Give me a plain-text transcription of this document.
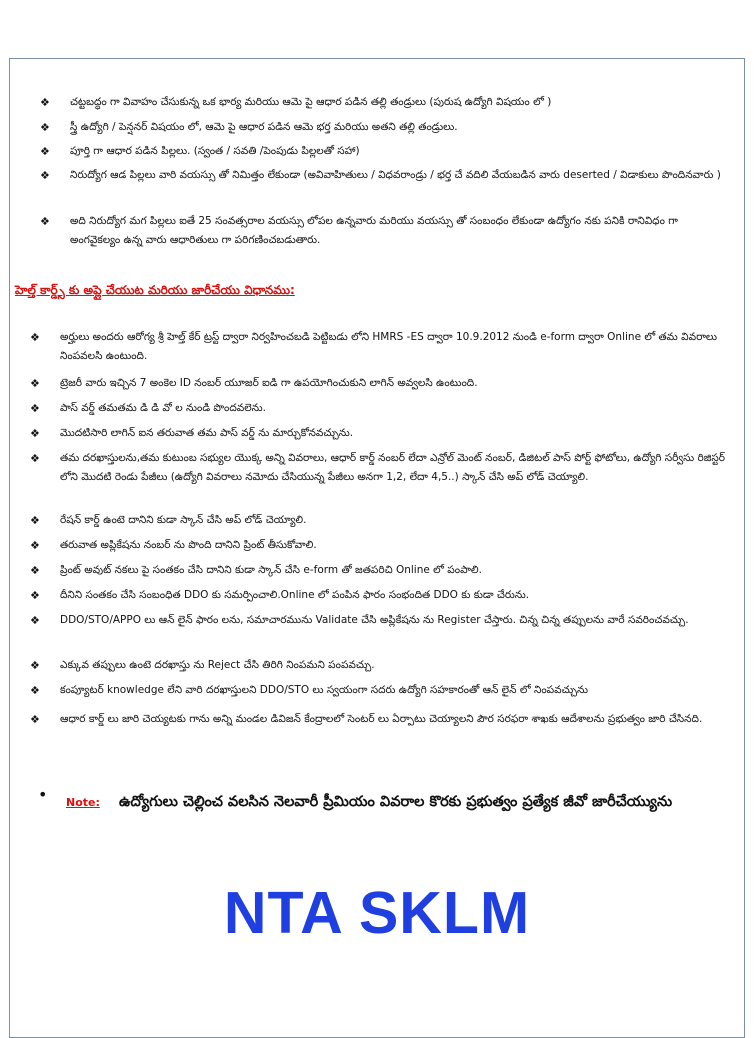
❖ చట్టబద్ధం గా వివాహం చేసుకున్న ఒక భార్య మరియు ఆమె పై ఆధార పడిన తల్లి తండ్రులు (పురుష ఉద్యోగి విషయం లో )
❖ స్త్రీ ఉద్యోగి / పెన్షనర్ విషయం లో, ఆమె పై ఆధార పడిన ఆమె భర్త మరియు అతని తల్లి తండ్రులు.
❖ పూర్తి గా ఆధార పడిన పిల్లలు. (స్వంత / సవతి /పెంపుడు పిల్లలతో సహా)
❖ నిరుద్యోగ ఆడ పిల్లలు వారి వయస్సు తో నిమిత్తం లేకుండా (అవివాహితులు / విధవరాండ్రు / భర్త చే వదిలి వేయబడిన వారు deserted / విడాకులు పొందినవారు )
❖ అది నిరుద్యోగ మగ పిల్లలు ఐతే 25 సంవత్సరాల వయస్సు లోపల ఉన్నవారు మరియు వయస్సు తో సంబంధం లేకుండా ఉద్యోగం నకు పనికి రానివిధం గా అంగవైకల్యం ఉన్న వారు ఆధారితులు గా పరిగణించబడుతారు.
హెల్త్ కార్డ్స్ కు అప్లై చేయుట మరియు జారీచేయు విధానము:
❖ అర్హులు అందరు ఆరోగ్య శ్రీ హెల్త్ కేర్ ట్రస్ట్ ద్వారా నిర్వహించబడి పెట్టిబడు లోని HMRS -ES ద్వారా 10.9.2012 నుండి e-form ద్వారా Online లో తమ వివరాలు నింపవలసి ఉంటుంది.
❖ ట్రెజరీ వారు ఇచ్చిన 7 అంకెల ID నంబర్ యూజర్ ఐడి గా ఉపయోగించుకుని లాగిన్ అవ్వలసి ఉంటుంది.
❖ పాస్ వర్డ్ తమతమ డి డి వో ల నుండి పొందవలెను.
❖ మొదటిసారి లాగిన్ ఐన తరువాత తమ పాస్ వర్డ్ ను మార్చుకోనవచ్చును.
❖ తమ దరఖాస్తులను,తమ కుటుంబ సభ్యుల యొక్క అన్ని వివరాలు, ఆధార్ కార్డ్ నంబర్ లేదా ఎన్రోల్ మెంట్ నంబర్, డిజిటల్ పాస్ పోర్ట్ ఫోటోలు, ఉద్యోగి సర్వీసు రిజిస్టర్ లోని మొదటి రెండు పేజీలు (ఉద్యోగి వివరాలు నమోదు చేసియున్న పేజీలు అనగా 1,2, లేదా 4,5..) స్కాన్ చేసి అప్ లోడ్ చెయ్యాలి.
❖ రేషన్ కార్డ్ ఉంటె దానిని కుడా స్కాన్ చేసి అప్ లోడ్ చెయ్యాలి.
❖ తరువాత అప్లికేషను నంబర్ ను పొంది దానిని ప్రింట్ తీసుకోవాలి.
❖ ప్రింట్ అవుట్ నకలు పై సంతకం చేసి దానిని కుడా స్కాన్ చేసి e-form తో జతపరిచి Online లో పంపాలి.
❖ దీనిని సంతకం చేసి సంబంధిత DDO కు సమర్పించాలి.Online లో పంపిన ఫారం సంభందిత DDO కు కుడా చేరును.
❖ DDO/STO/APPO లు ఆన్ లైన్ ఫారం లను, సమాచారమును Validate చేసి అప్లికేషను ను Register చేస్తారు. చిన్న చిన్న తప్పులను వారే సవరించవచ్చు.
❖ ఎక్కువ తప్పులు ఉంటె దరఖాస్తు ను Reject చేసి తిరిగి నింపమని పంపవచ్చు.
❖ కంప్యూటర్ knowledge లేని వారి దరఖాస్తులని DDO/STO లు స్వయంగా సదరు ఉద్యోగి సహకారంతో ఆన్ లైన్ లో నింపవచ్చును
❖ ఆధార కార్డ్ లు జారి చెయ్యటకు గాను అన్ని మండల డివిజన్ కేంద్రాలలో సెంటర్ లు ఏర్పాటు చెయ్యాలని పౌర సరఫరా శాఖకు ఆదేశాలను ప్రభుత్వం జారి చేసినది.
•	Note: ఉద్యోగులు చెల్లించ వలసిన నెలవారీ ప్రీమియం వివరాల కొరకు ప్రభుత్వం ప్రత్యేక జీవో జారీచేయ్యును
NTA SKLM
